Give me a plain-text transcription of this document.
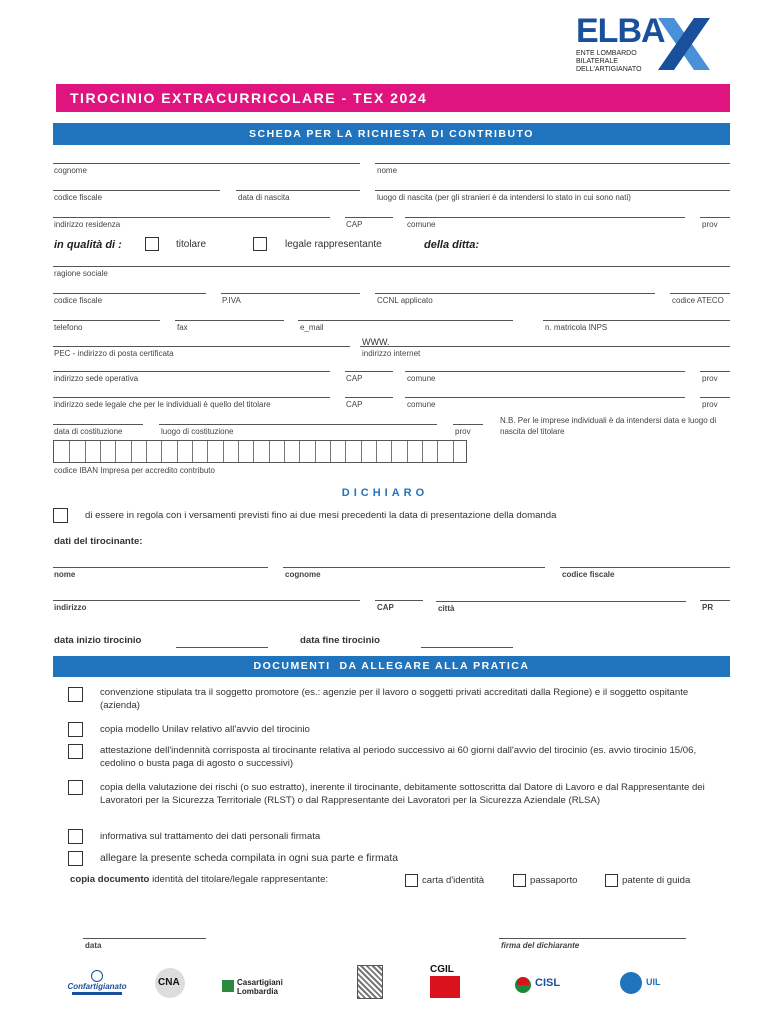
ELBA
ENTE LOMBARDO
BILATERALE
DELL'ARTIGIANATO
TIROCINIO EXTRACURRICOLARE - TEX 2024
SCHEDA PER LA RICHIESTA DI CONTRIBUTO
cognome	nome
codice fiscale	data di nascita	luogo di nascita (per gli stranieri è da intendersi lo stato in cui sono nati)
indirizzo residenza	CAP	comune	prov
in qualità di :	titolare	legale rappresentante	della ditta:
ragione sociale
codice fiscale	P.IVA	CCNL applicato	codice ATECO
telefono	fax	e_mail	n. matricola INPS
PEC - indirizzo di posta certificata
WWW.
indirizzo internet
indirizzo sede operativa	CAP	comune	prov
indirizzo sede legale che per le individuali è quello del titolare	CAP	comune	prov
data di costituzione	luogo di costituzione	prov
N.B. Per le imprese individuali è da intendersi data e luogo di nascita del titolare
codice IBAN Impresa per accredito contributo
DICHIARO
di essere in regola con i versamenti previsti fino ai due mesi precedenti la data di presentazione della domanda
dati del tirocinante:
nome	cognome	codice fiscale
indirizzo	CAP	città	PR
data inizio tirocinio	data fine tirocinio
DOCUMENTI  DA ALLEGARE ALLA PRATICA
convenzione stipulata tra il soggetto promotore (es.: agenzie per il lavoro o soggetti privati accreditati dalla Regione) e il soggetto ospitante (azienda)
copia modello Unilav relativo all'avvio del tirocinio
attestazione dell'indennità corrisposta al tirocinante relativa al periodo successivo ai 60 giorni dall'avvio del tirocinio (es. avvio tirocinio 15/06, cedolino o busta paga di agosto o successivi)
copia della valutazione dei rischi (o suo estratto), inerente il tirocinante, debitamente sottoscritta dal Datore di Lavoro e dal Rappresentante dei Lavoratori per la Sicurezza Territoriale (RLST) o dal Rappresentante dei Lavoratori per la Sicurezza Aziendale (RLSA)
informativa sul trattamento dei dati personali firmata
allegare la presente scheda compilata in ogni sua parte e firmata
copia documento identità del titolare/legale rappresentante:	carta d'identità	passaporto	patente di guida
data	firma del dichiarante
Confartigianato	CNA	Casartigiani Lombardia
CGIL
CISL	UIL
